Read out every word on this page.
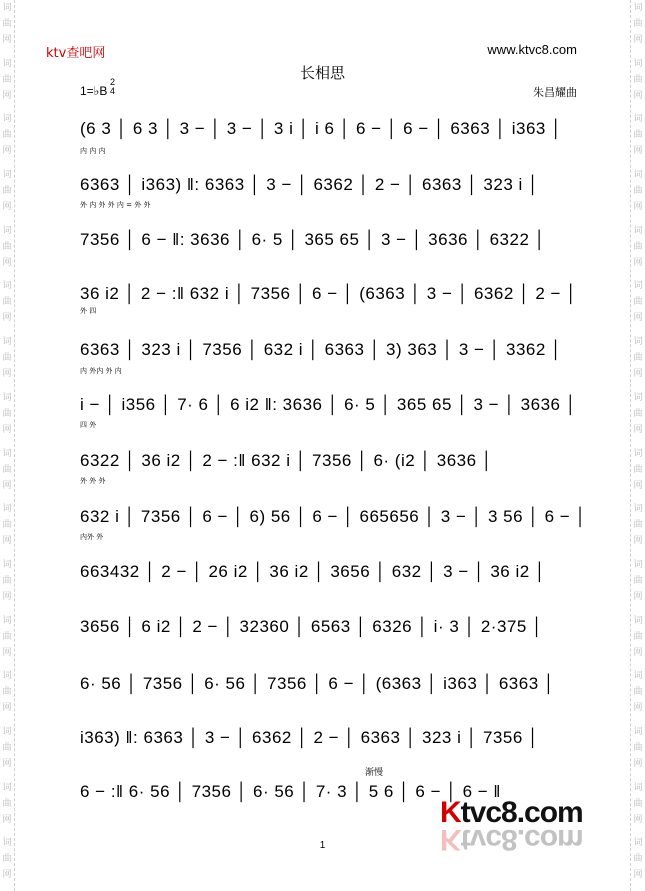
词
曲
网
词
曲
网
词
曲
网
词
曲
网
词
曲
网
词
曲
网
词
曲
网
词
曲
网
词
曲
网
词
曲
网
词
曲
网
词
曲
网
词
曲
网
词
曲
网
词
曲
网
词
曲
网
词
曲
网
词
曲
网
词
曲
网
词
曲
网
词
曲
网
词
曲
网
词
曲
网
词
曲
网
词
曲
网
词
曲
网
词
曲
网
词
曲
网
词
曲
网
词
曲
网
词
曲
网
词
曲
网
ktv查吧网	www.ktvc8.com
长相思
1=♭B
2
4	朱昌耀曲
(6 3 │ 6 3 │ 3 − │ 3 − │ 3 i │ i 6 │ 6 − │ 6 − │ 6363 │ i363 │
内 内 内
6363 │ i363) ‖: 6363 │ 3 − │ 6362 │ 2 − │ 6363 │ 323 i │
外 内 外 外 内 = 外 外
7356 │ 6 − ‖: 3636 │ 6· 5 │ 365 65 │ 3 − │ 3636 │ 6322 │
36 i2 │ 2 − :‖ 632 i │ 7356 │ 6 − │ (6363 │ 3 − │ 6362 │ 2 − │
外 四
6363 │ 323 i │ 7356 │ 632 i │ 6363 │ 3) 363 │ 3 − │ 3362 │
内 外内 外 内
i − │ i356 │ 7· 6 │ 6 i2 ‖: 3636 │ 6· 5 │ 365 65 │ 3 − │ 3636 │
四 外
6322 │ 36 i2 │ 2 − :‖ 632 i │ 7356 │ 6· (i2 │ 3636 │
外 外 外
632 i │ 7356 │ 6 − │ 6) 56 │ 6 − │ 665656 │ 3 − │ 3 56 │ 6 − │
内外 外
663432 │ 2 − │ 26 i2 │ 36 i2 │ 3656 │ 632 │ 3 − │ 36 i2 │
3656 │ 6 i2 │ 2 − │ 32360 │ 6563 │ 6326 │ i· 3 │ 2·375 │
6· 56 │ 7356 │ 6· 56 │ 7356 │ 6 − │ (6363 │ i363 │ 6363 │
i363) ‖: 6363 │ 3 − │ 6362 │ 2 − │ 6363 │ 323 i │ 7356 │
渐慢
6 − :‖ 6· 56 │ 7356 │ 6· 56 │ 7· 3 │ 5 6 │ 6 − │ 6 − ‖
1
Ktvc8.com
Ktvc8.com
